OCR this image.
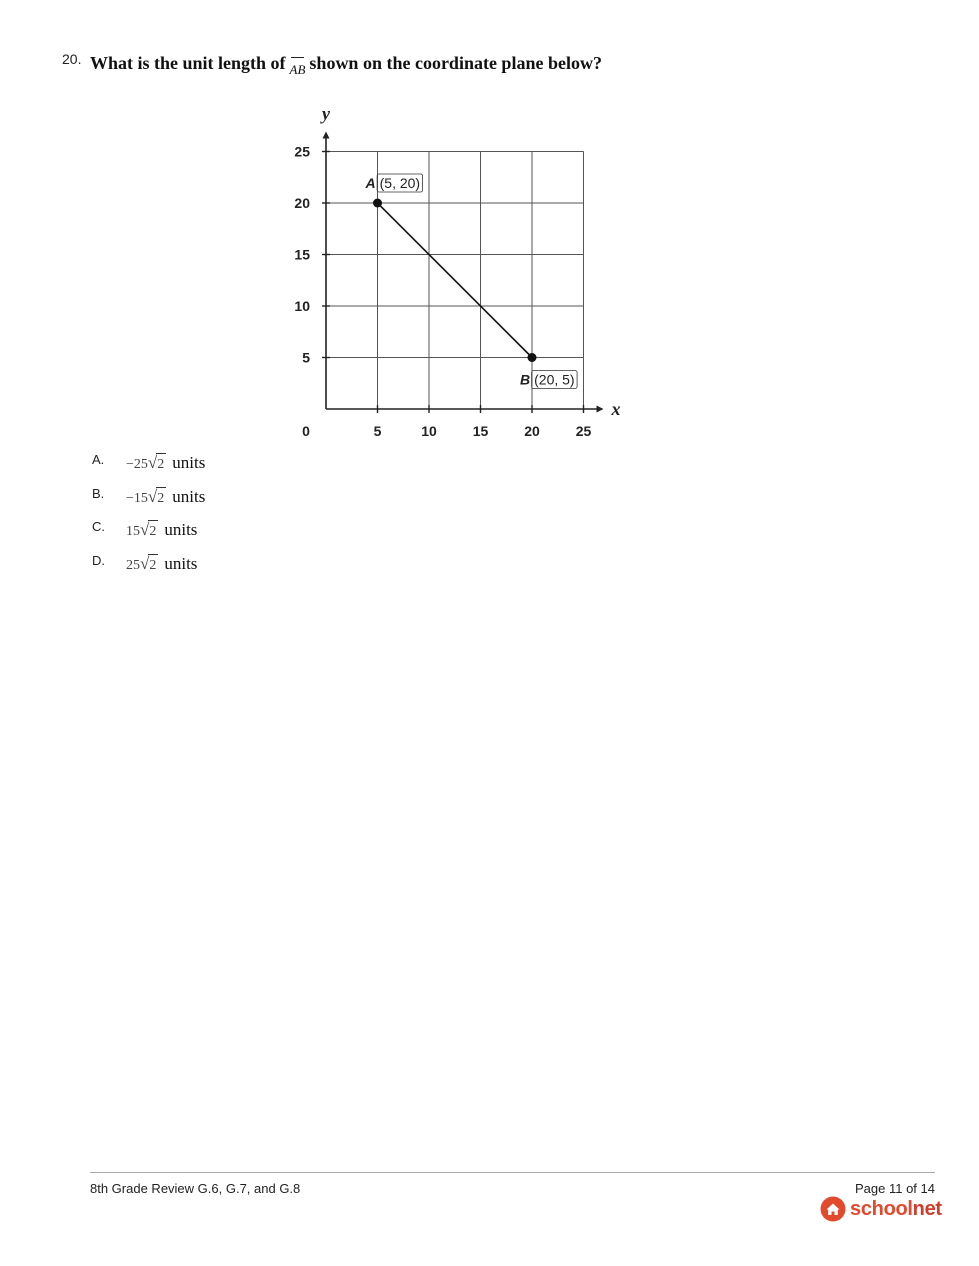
20. What is the unit length of AB shown on the coordinate plane below?
5	10	15	20	25
5
10
15
20
25
0
x
y
A (5, 20)
B (20, 5)
A. −25√2 units
B. −15√2 units
C. 15√2 units
D. 25√2 units
8th Grade Review G.6, G.7, and G.8	Page 11 of 14
schoolnet
